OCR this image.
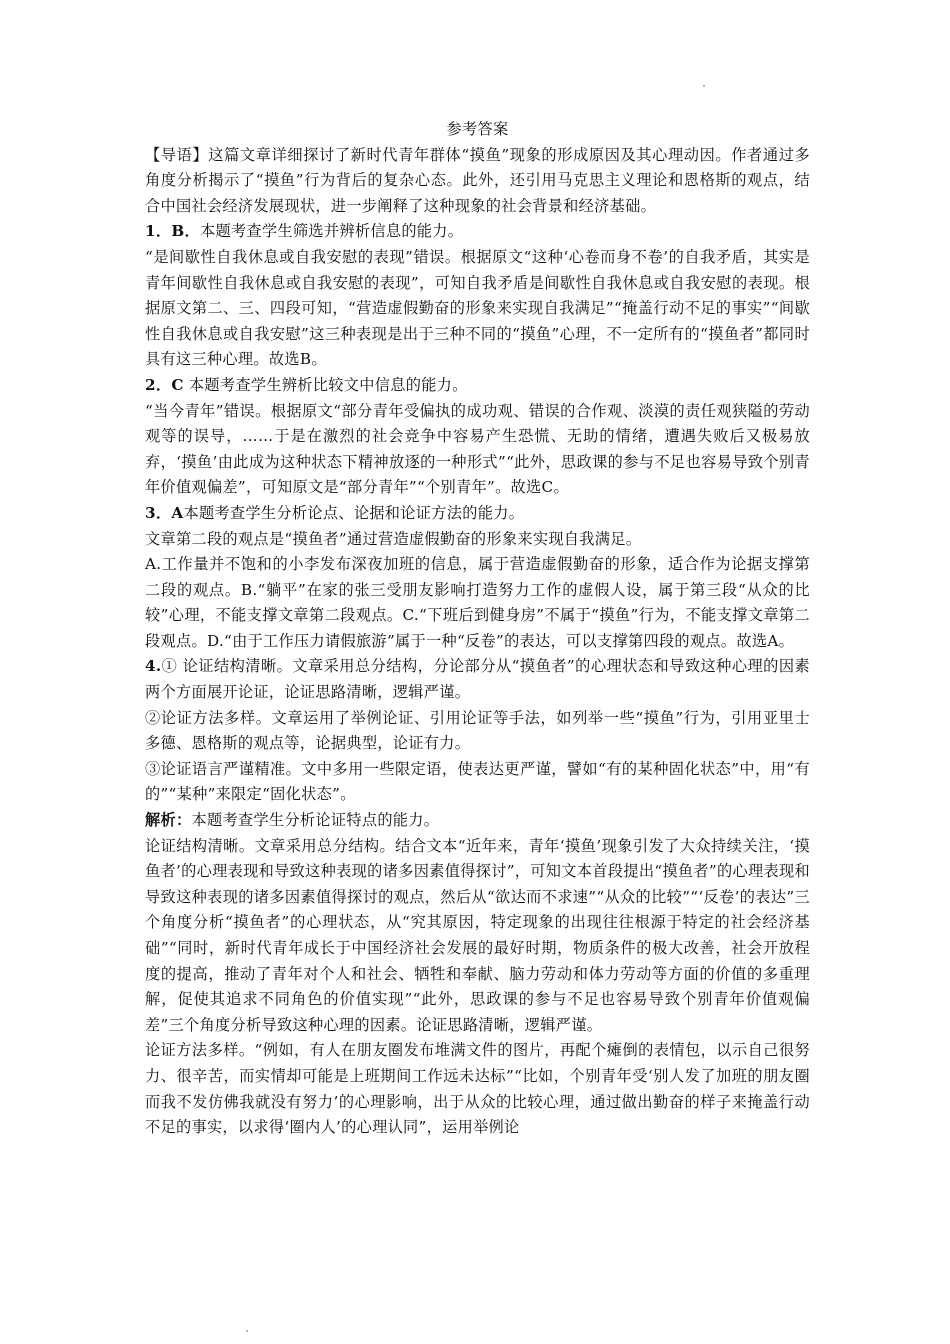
参考答案

【导语】这篇文章详细探讨了新时代青年群体“摸鱼”现象的形成原因及其心理动因。作者通过多角度分析揭示了“摸鱼”行为背后的复杂心态。此外，还引用马克思主义理论和恩格斯的观点，结合中国社会经济发展现状，进一步阐释了这种现象的社会背景和经济基础。

1．B．本题考查学生筛选并辨析信息的能力。

“是间歇性自我休息或自我安慰的表现”错误。根据原文“这种‘心卷而身不卷’的自我矛盾，其实是青年间歇性自我休息或自我安慰的表现”，可知自我矛盾是间歇性自我休息或自我安慰的表现。根据原文第二、三、四段可知，“营造虚假勤奋的形象来实现自我满足”“掩盖行动不足的事实”“间歇性自我休息或自我安慰”这三种表现是出于三种不同的“摸鱼”心理，不一定所有的“摸鱼者”都同时具有这三种心理。故选B。

2．C 本题考查学生辨析比较文中信息的能力。

“当今青年”错误。根据原文“部分青年受偏执的成功观、错误的合作观、淡漠的责任观狭隘的劳动观等的误导，……于是在激烈的社会竞争中容易产生恐慌、无助的情绪，遭遇失败后又极易放弃，‘摸鱼’由此成为这种状态下精神放逐的一种形式”“此外，思政课的参与不足也容易导致个别青年价值观偏差”，可知原文是“部分青年”“个别青年”。故选C。

3．A本题考查学生分析论点、论据和论证方法的能力。

文章第二段的观点是“摸鱼者”通过营造虚假勤奋的形象来实现自我满足。

A.工作量并不饱和的小李发布深夜加班的信息，属于营造虚假勤奋的形象，适合作为论据支撑第二段的观点。B.“躺平”在家的张三受朋友影响打造努力工作的虚假人设，属于第三段“从众的比较”心理，不能支撑文章第二段观点。C.“下班后到健身房”不属于“摸鱼”行为，不能支撑文章第二段观点。D.“由于工作压力请假旅游”属于一种“反卷”的表达，可以支撑第四段的观点。故选A。

4.① 论证结构清晰。文章采用总分结构，分论部分从“摸鱼者”的心理状态和导致这种心理的因素两个方面展开论证，论证思路清晰，逻辑严谨。

②论证方法多样。文章运用了举例论证、引用论证等手法，如列举一些“摸鱼”行为，引用亚里士多德、恩格斯的观点等，论据典型，论证有力。

③论证语言严谨精准。文中多用一些限定语，使表达更严谨，譬如“有的某种固化状态”中，用“有的”“某种”来限定“固化状态”。

解析：本题考查学生分析论证特点的能力。

论证结构清晰。文章采用总分结构。结合文本“近年来，青年‘摸鱼’现象引发了大众持续关注，‘摸鱼者’的心理表现和导致这种表现的诸多因素值得探讨”，可知文本首段提出“摸鱼者”的心理表现和导致这种表现的诸多因素值得探讨的观点，然后从“欲达而不求速”“从众的比较”“‘反卷’的表达”三个角度分析“摸鱼者”的心理状态，从“究其原因，特定现象的出现往往根源于特定的社会经济基础”“同时，新时代青年成长于中国经济社会发展的最好时期，物质条件的极大改善，社会开放程度的提高，推动了青年对个人和社会、牺牲和奉献、脑力劳动和体力劳动等方面的价值的多重理解，促使其追求不同角色的价值实现”“此外，思政课的参与不足也容易导致个别青年价值观偏差”三个角度分析导致这种心理的因素。论证思路清晰，逻辑严谨。

论证方法多样。“例如，有人在朋友圈发布堆满文件的图片，再配个瘫倒的表情包，以示自己很努力、很辛苦，而实情却可能是上班期间工作远未达标”“比如，个别青年受‘别人发了加班的朋友圈而我不发仿佛我就没有努力’的心理影响，出于从众的比较心理，通过做出勤奋的样子来掩盖行动不足的事实，以求得‘圈内人’的心理认同”，运用举例论
